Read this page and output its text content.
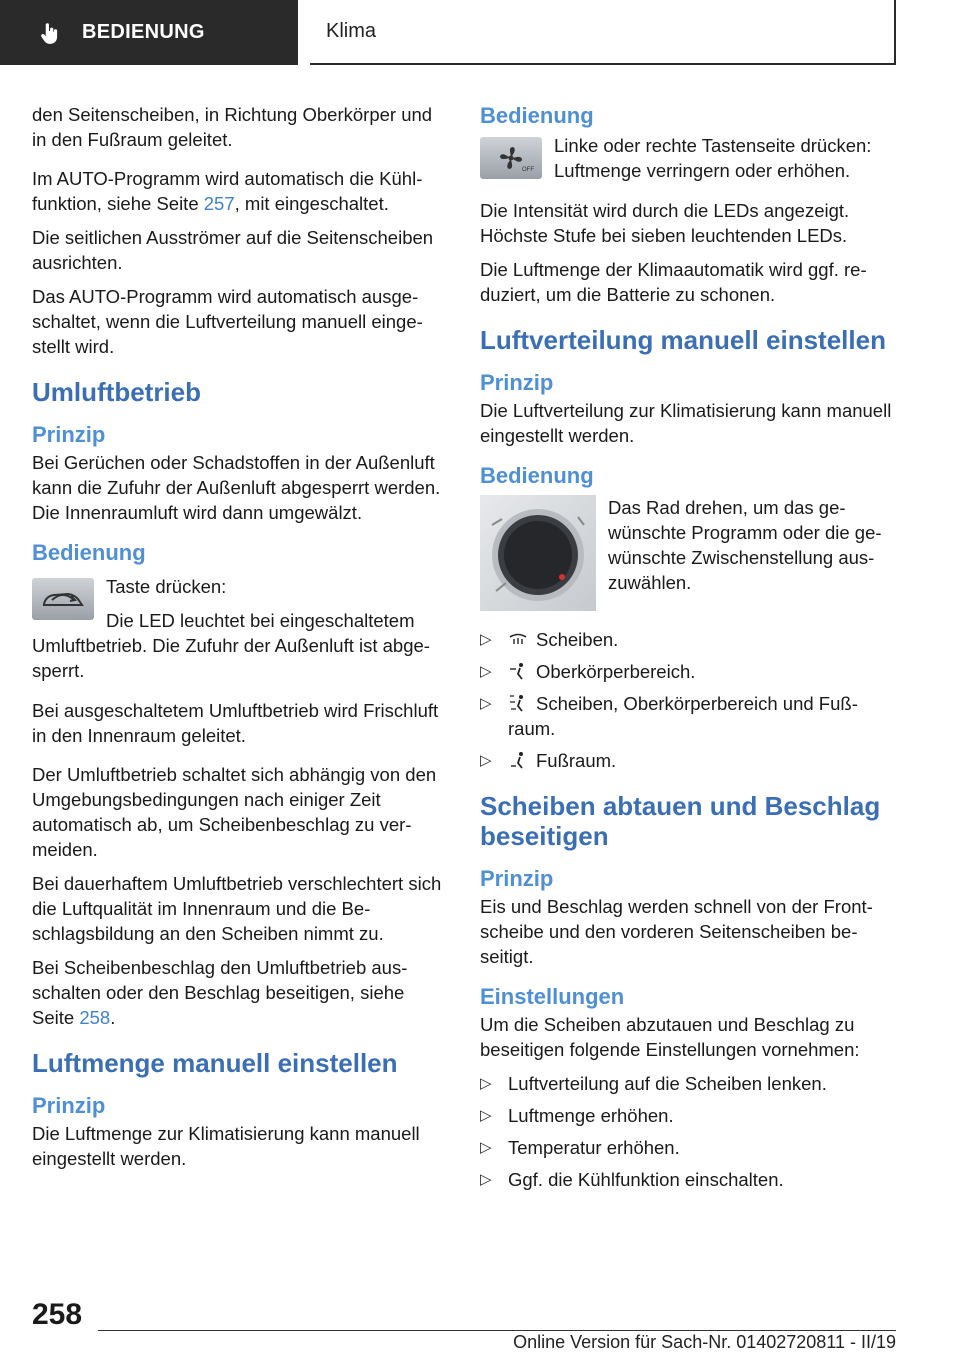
BEDIENUNG	Klima

den Seitenscheiben, in Richtung Oberkörper und in den Fußraum geleitet.

Im AUTO-Programm wird automatisch die Kühlfunktion, siehe Seite 257, mit eingeschaltet.

Die seitlichen Ausströmer auf die Seitenscheiben ausrichten.

Das AUTO-Programm wird automatisch ausgeschaltet, wenn die Luftverteilung manuell eingestellt wird.

Umluftbetrieb
Prinzip

Bei Gerüchen oder Schadstoffen in der Außenluft kann die Zufuhr der Außenluft abgesperrt werden. Die Innenraumluft wird dann umgewälzt.

Bedienung

Taste drücken:

Die LED leuchtet bei eingeschaltetem Umluftbetrieb. Die Zufuhr der Außenluft ist abgesperrt.

Bei ausgeschaltetem Umluftbetrieb wird Frischluft in den Innenraum geleitet.

Der Umluftbetrieb schaltet sich abhängig von den Umgebungsbedingungen nach einiger Zeit automatisch ab, um Scheibenbeschlag zu vermeiden.

Bei dauerhaftem Umluftbetrieb verschlechtert sich die Luftqualität im Innenraum und die Beschlagsbildung an den Scheiben nimmt zu.

Bei Scheibenbeschlag den Umluftbetrieb ausschalten oder den Beschlag beseitigen, siehe Seite 258.

Luftmenge manuell einstellen
Prinzip

Die Luftmenge zur Klimatisierung kann manuell eingestellt werden.

Bedienung
OFF

Linke oder rechte Tastenseite drücken: Luftmenge verringern oder erhöhen.

Die Intensität wird durch die LEDs angezeigt. Höchste Stufe bei sieben leuchtenden LEDs.

Die Luftmenge der Klimaautomatik wird ggf. reduziert, um die Batterie zu schonen.

Luftverteilung manuell einstellen
Prinzip

Die Luftverteilung zur Klimatisierung kann manuell eingestellt werden.

Bedienung

Das Rad drehen, um das gewünschte Programm oder die gewünschte Zwischenstellung auszuwählen.

▷ Scheiben.
▷ Oberkörperbereich.
▷ Scheiben, Oberkörperbereich und Fußraum.
▷ Fußraum.
Scheiben abtauen und Beschlag beseitigen
Prinzip

Eis und Beschlag werden schnell von der Frontscheibe und den vorderen Seitenscheiben beseitigt.

Einstellungen

Um die Scheiben abzutauen und Beschlag zu beseitigen folgende Einstellungen vornehmen:

▷ Luftverteilung auf die Scheiben lenken.
▷ Luftmenge erhöhen.
▷ Temperatur erhöhen.
▷ Ggf. die Kühlfunktion einschalten.
258
Online Version für Sach-Nr. 01402720811 - II/19
